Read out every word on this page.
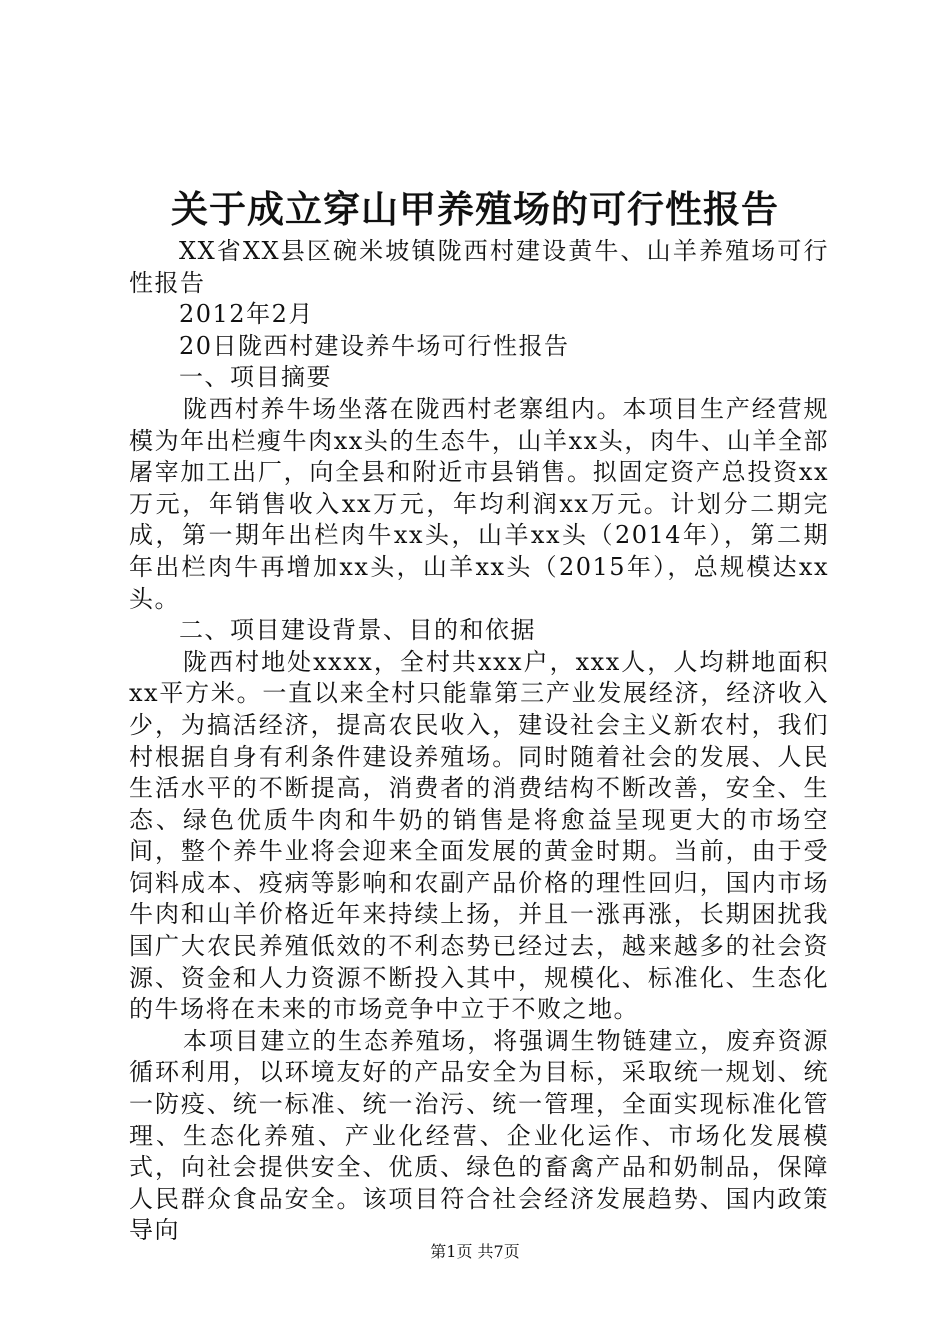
关于成立穿山甲养殖场的可行性报告

XX省XX县区碗米坡镇陇西村建设黄牛、山羊养殖场可行性报告

2012年2月

20日陇西村建设养牛场可行性报告

一、项目摘要

陇西村养牛场坐落在陇西村老寨组内。本项目生产经营规模为年出栏瘦牛肉xx头的生态牛，山羊xx头，肉牛、山羊全部屠宰加工出厂，向全县和附近市县销售。拟固定资产总投资xx万元，年销售收入xx万元，年均利润xx万元。计划分二期完成，第一期年出栏肉牛xx头，山羊xx头（2014年），第二期年出栏肉牛再增加xx头，山羊xx头（2015年），总规模达xx头。

二、项目建设背景、目的和依据

陇西村地处xxxx，全村共xxx户，xxx人，人均耕地面积xx平方米。一直以来全村只能靠第三产业发展经济，经济收入少，为搞活经济，提高农民收入，建设社会主义新农村，我们村根据自身有利条件建设养殖场。同时随着社会的发展、人民生活水平的不断提高，消费者的消费结构不断改善，安全、生态、绿色优质牛肉和牛奶的销售是将愈益呈现更大的市场空间，整个养牛业将会迎来全面发展的黄金时期。当前，由于受饲料成本、疫病等影响和农副产品价格的理性回归，国内市场牛肉和山羊价格近年来持续上扬，并且一涨再涨，长期困扰我国广大农民养殖低效的不利态势已经过去，越来越多的社会资源、资金和人力资源不断投入其中，规模化、标准化、生态化的牛场将在未来的市场竞争中立于不败之地。

本项目建立的生态养殖场，将强调生物链建立，废弃资源循环利用，以环境友好的产品安全为目标，采取统一规划、统一防疫、统一标准、统一治污、统一管理，全面实现标准化管理、生态化养殖、产业化经营、企业化运作、市场化发展模式，向社会提供安全、优质、绿色的畜禽产品和奶制品，保障人民群众食品安全。该项目符合社会经济发展趋势、国内政策导向

第1页 共7页
